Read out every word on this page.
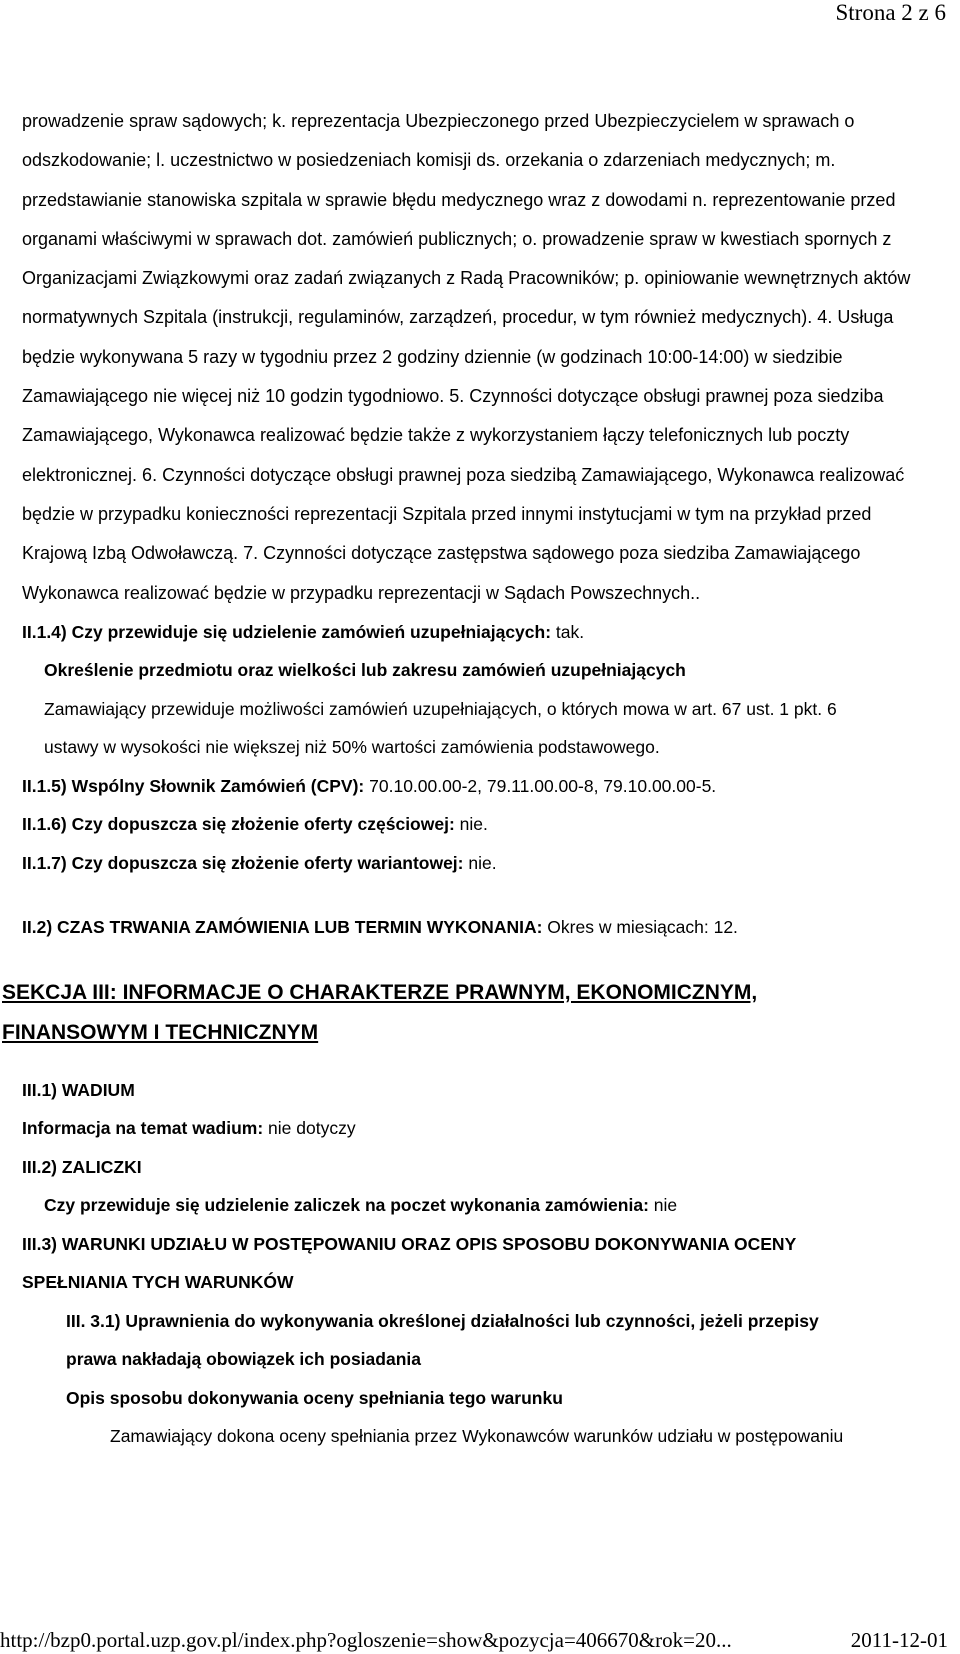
Strona 2 z 6

prowadzenie spraw sądowych; k. reprezentacja Ubezpieczonego przed Ubezpieczycielem w sprawach o odszkodowanie; l. uczestnictwo w posiedzeniach komisji ds. orzekania o zdarzeniach medycznych; m. przedstawianie stanowiska szpitala w sprawie błędu medycznego wraz z dowodami n. reprezentowanie przed organami właściwymi w sprawach dot. zamówień publicznych; o. prowadzenie spraw w kwestiach spornych z Organizacjami Związkowymi oraz zadań związanych z Radą Pracowników; p. opiniowanie wewnętrznych aktów normatywnych Szpitala (instrukcji, regulaminów, zarządzeń, procedur, w tym również medycznych). 4. Usługa będzie wykonywana 5 razy w tygodniu przez 2 godziny dziennie (w godzinach 10:00-14:00) w siedzibie Zamawiającego nie więcej niż 10 godzin tygodniowo. 5. Czynności dotyczące obsługi prawnej poza siedziba Zamawiającego, Wykonawca realizować będzie także z wykorzystaniem łączy telefonicznych lub poczty elektronicznej. 6. Czynności dotyczące obsługi prawnej poza siedzibą Zamawiającego, Wykonawca realizować będzie w przypadku konieczności reprezentacji Szpitala przed innymi instytucjami w tym na przykład przed Krajową Izbą Odwoławczą. 7. Czynności dotyczące zastępstwa sądowego poza siedziba Zamawiającego Wykonawca realizować będzie w przypadku reprezentacji w Sądach Powszechnych..

II.1.4) Czy przewiduje się udzielenie zamówień uzupełniających: tak.
Określenie przedmiotu oraz wielkości lub zakresu zamówień uzupełniających
Zamawiający przewiduje możliwości zamówień uzupełniających, o których mowa w art. 67 ust. 1 pkt. 6
ustawy w wysokości nie większej niż 50% wartości zamówienia podstawowego.
II.1.5) Wspólny Słownik Zamówień (CPV): 70.10.00.00-2, 79.11.00.00-8, 79.10.00.00-5.
II.1.6) Czy dopuszcza się złożenie oferty częściowej: nie.
II.1.7) Czy dopuszcza się złożenie oferty wariantowej: nie.
II.2) CZAS TRWANIA ZAMÓWIENIA LUB TERMIN WYKONANIA: Okres w miesiącach: 12.
SEKCJA III: INFORMACJE O CHARAKTERZE PRAWNYM, EKONOMICZNYM,
FINANSOWYM I TECHNICZNYM
III.1) WADIUM
Informacja na temat wadium: nie dotyczy
III.2) ZALICZKI
Czy przewiduje się udzielenie zaliczek na poczet wykonania zamówienia: nie
III.3) WARUNKI UDZIAŁU W POSTĘPOWANIU ORAZ OPIS SPOSOBU DOKONYWANIA OCENY
SPEŁNIANIA TYCH WARUNKÓW
III. 3.1) Uprawnienia do wykonywania określonej działalności lub czynności, jeżeli przepisy
prawa nakładają obowiązek ich posiadania
Opis sposobu dokonywania oceny spełniania tego warunku
Zamawiający dokona oceny spełniania przez Wykonawców warunków udziału w postępowaniu
http://bzp0.portal.uzp.gov.pl/index.php?ogloszenie=show&pozycja=406670&rok=20...	2011-12-01
